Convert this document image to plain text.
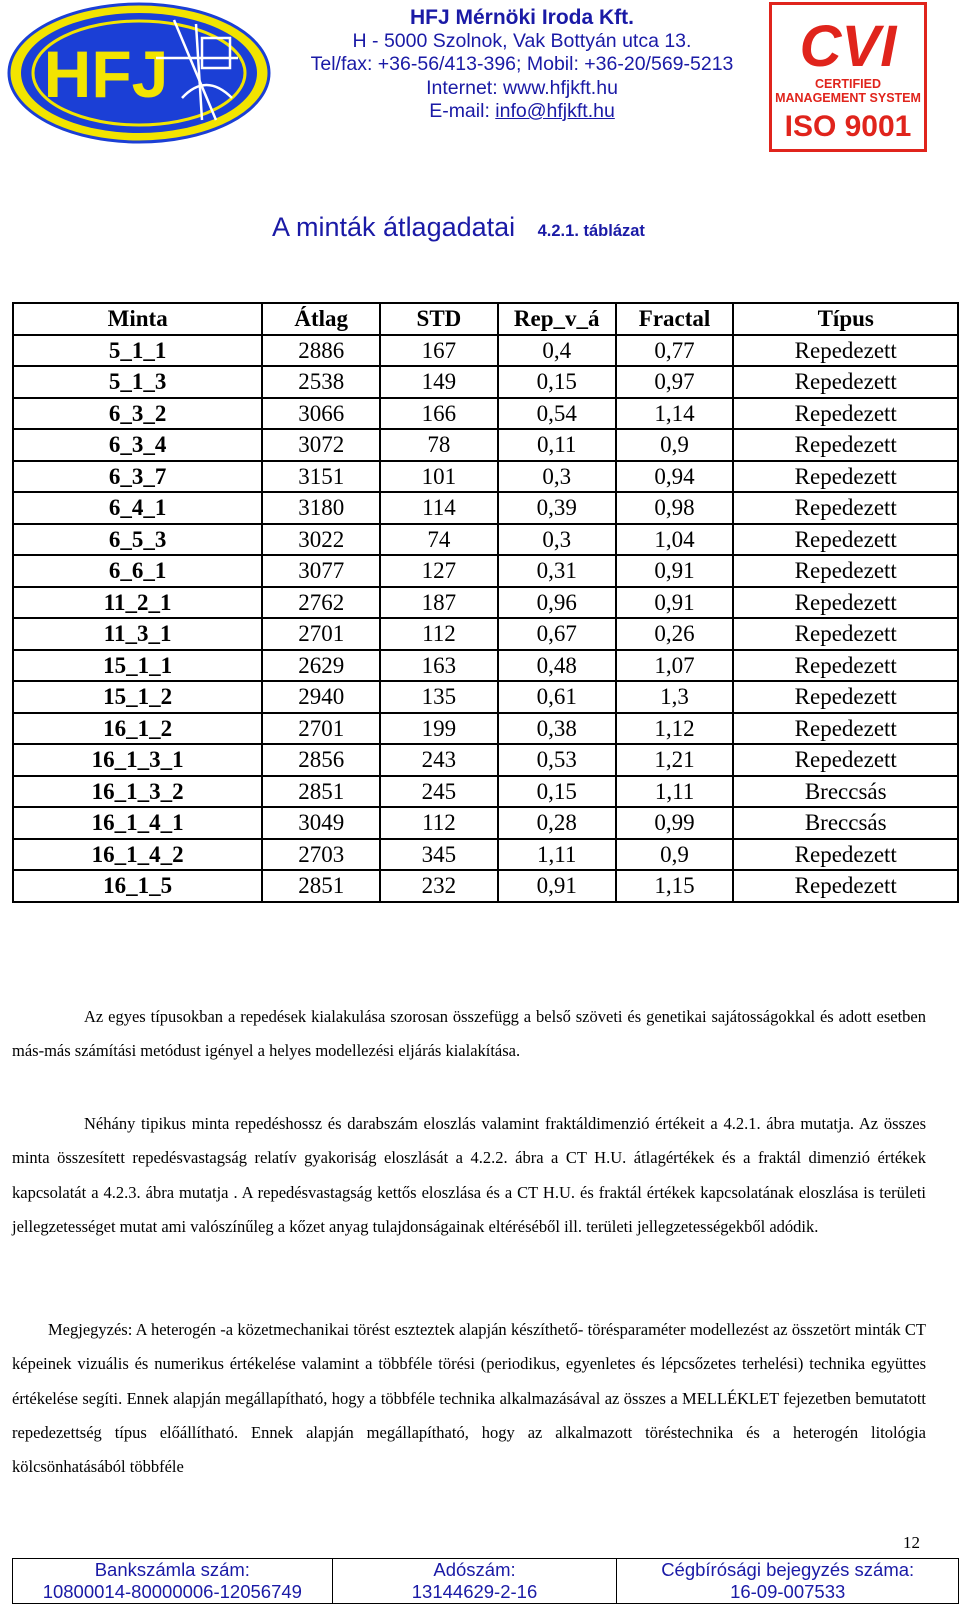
HFJ
HFJ Mérnöki Iroda Kft.
H - 5000 Szolnok, Vak Bottyán utca 13.
Tel/fax: +36-56/413-396; Mobil: +36-20/569-5213
Internet: www.hfjkft.hu
E-mail: info@hfjkft.hu
CVI
CERTIFIED
MANAGEMENT SYSTEM
ISO 9001
A minták átlagadatai 4.2.1. táblázat
Minta	Átlag	STD	Rep_v_á	Fractal	Típus
5_1_1	2886	167	0,4	0,77	Repedezett
5_1_3	2538	149	0,15	0,97	Repedezett
6_3_2	3066	166	0,54	1,14	Repedezett
6_3_4	3072	78	0,11	0,9	Repedezett
6_3_7	3151	101	0,3	0,94	Repedezett
6_4_1	3180	114	0,39	0,98	Repedezett
6_5_3	3022	74	0,3	1,04	Repedezett
6_6_1	3077	127	0,31	0,91	Repedezett
11_2_1	2762	187	0,96	0,91	Repedezett
11_3_1	2701	112	0,67	0,26	Repedezett
15_1_1	2629	163	0,48	1,07	Repedezett
15_1_2	2940	135	0,61	1,3	Repedezett
16_1_2	2701	199	0,38	1,12	Repedezett
16_1_3_1	2856	243	0,53	1,21	Repedezett
16_1_3_2	2851	245	0,15	1,11	Breccsás
16_1_4_1	3049	112	0,28	0,99	Breccsás
16_1_4_2	2703	345	1,11	0,9	Repedezett
16_1_5	2851	232	0,91	1,15	Repedezett
Az egyes típusokban a repedések kialakulása szorosan összefügg a belső szöveti és genetikai sajátosságokkal és adott esetben más-más számítási metódust igényel a helyes modellezési eljárás kialakítása.
Néhány tipikus minta repedéshossz és darabszám eloszlás valamint fraktáldimenzió értékeit a 4.2.1. ábra mutatja. Az összes minta összesített repedésvastagság relatív gyakoriság eloszlását a 4.2.2. ábra a CT H.U. átlagértékek és a fraktál dimenzió értékek kapcsolatát a 4.2.3. ábra mutatja . A repedésvastagság kettős eloszlása és a CT H.U. és fraktál értékek kapcsolatának eloszlása is területi jellegzetességet mutat ami valószínűleg a kőzet anyag tulajdonságainak eltéréséből ill. területi jellegzetességekből adódik.
Megjegyzés: A heterogén -a közetmechanikai törést eszteztek alapján készíthető- törésparaméter modellezést az összetört minták CT képeinek vizuális és numerikus értékelése valamint a többféle törési (periodikus, egyenletes és lépcsőzetes terhelési) technika együttes értékelése segíti. Ennek alapján megállapítható, hogy a többféle technika alkalmazásával az összes a MELLÉKLET fejezetben bemutatott repedezettség típus előállítható. Ennek alapján megállapítható, hogy az alkalmazott töréstechnika és a heterogén litológia kölcsönhatásából többféle
12
Bankszámla szám:
10800014-80000006-12056749

Adószám:
13144629-2-16

Cégbírósági bejegyzés száma:
16-09-007533
